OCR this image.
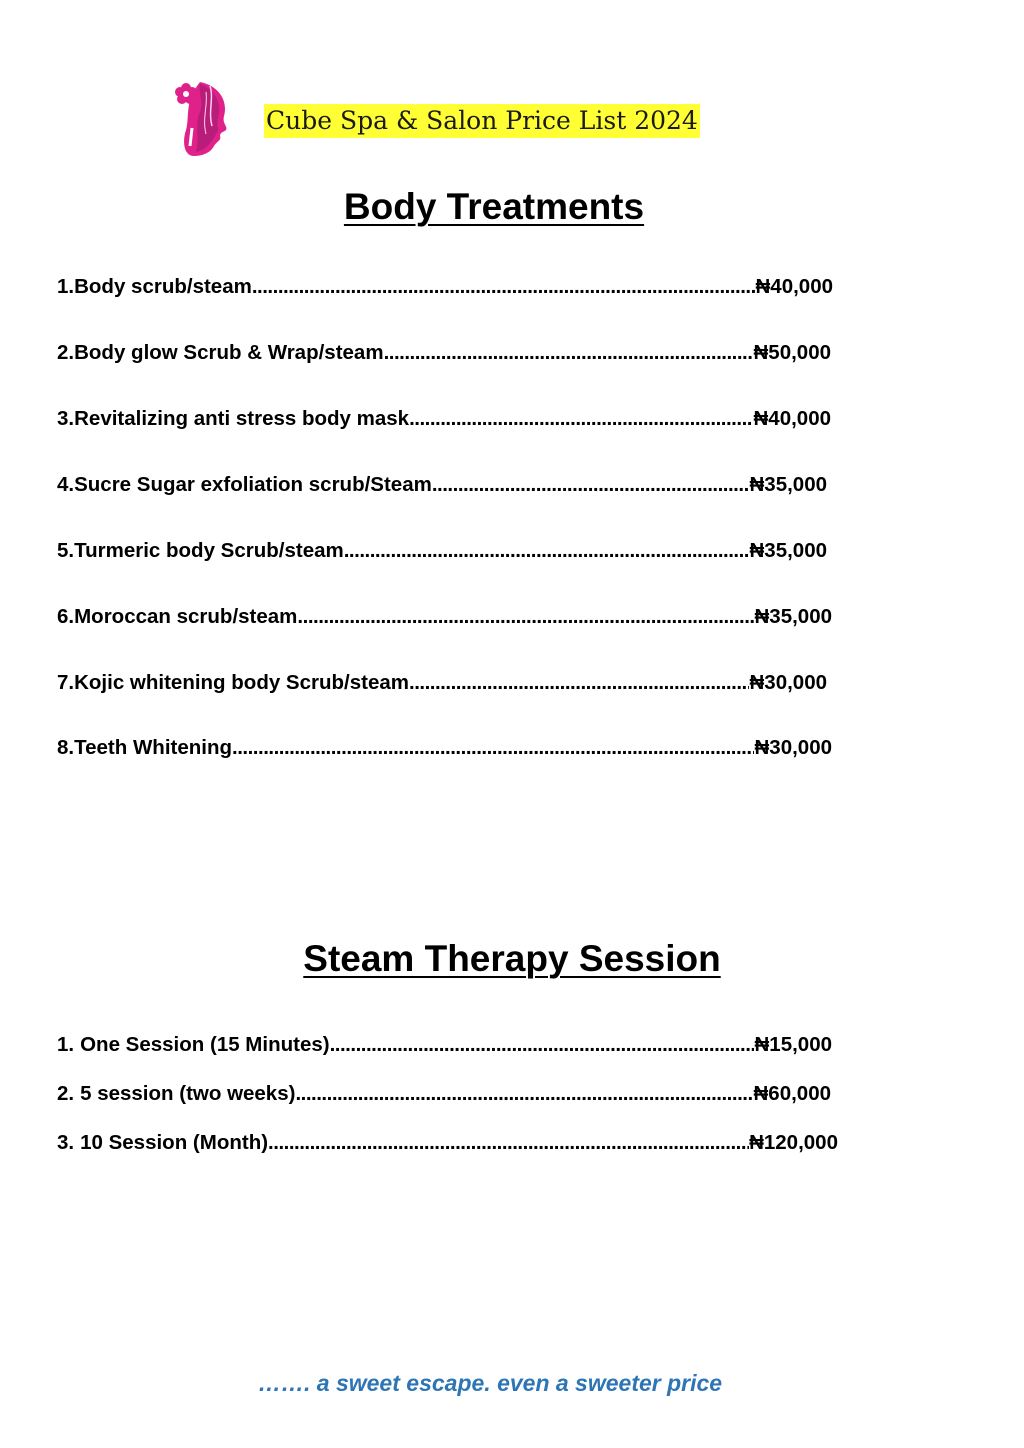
Cube Spa & Salon Price List 2024
Body Treatments
1. Body scrub/steam .....	₦40,000
2. Body glow Scrub & Wrap/steam .....	₦50,000
3. Revitalizing anti stress body mask .....	₦40,000
4. Sucre Sugar exfoliation scrub/Steam .....	₦35,000
5. Turmeric body Scrub/steam .....	₦35,000
6. Moroccan scrub/steam .....	₦35,000
7. Kojic whitening body Scrub/steam .....	₦30,000
8. Teeth Whitening .....	₦30,000
Steam Therapy Session
1. One Session (15 Minutes) .....	₦15,000
2. 5 session (two weeks) .....	₦60,000
3. 10 Session (Month) .....	₦120,000
……. a sweet escape. even a sweeter price
